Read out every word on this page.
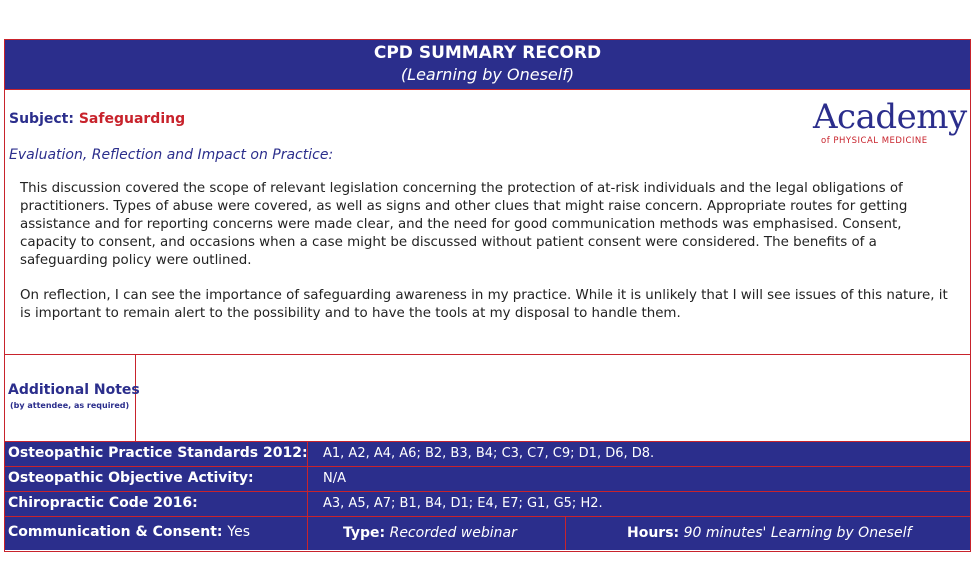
CPD SUMMARY RECORD
(Learning by Oneself)
Subject: Safeguarding
Evaluation, Reflection and Impact on Practice:
Academy
of PHYSICAL MEDICINE

This discussion covered the scope of relevant legislation concerning the protection of at-risk individuals and the legal obligations of practitioners. Types of abuse were covered, as well as signs and other clues that might raise concern. Appropriate routes for getting assistance and for reporting concerns were made clear, and the need for good communication methods was emphasised. Consent, capacity to consent, and occasions when a case might be discussed without patient consent were considered. The benefits of a safeguarding policy were outlined.

On reflection, I can see the importance of safeguarding awareness in my practice. While it is unlikely that I will see issues of this nature, it is important to remain alert to the possibility and to have the tools at my disposal to handle them.

Additional Notes
(by attendee, as required)
Osteopathic Practice Standards 2012: A1, A2, A4, A6; B2, B3, B4; C3, C7, C9; D1, D6, D8.
Osteopathic Objective Activity:	N/A
Chiropractic Code 2016:	A3, A5, A7; B1, B4, D1; E4, E7; G1, G5; H2.
Communication & Consent: Yes	Type: Recorded webinar	Hours: 90 minutes' Learning by Oneself
